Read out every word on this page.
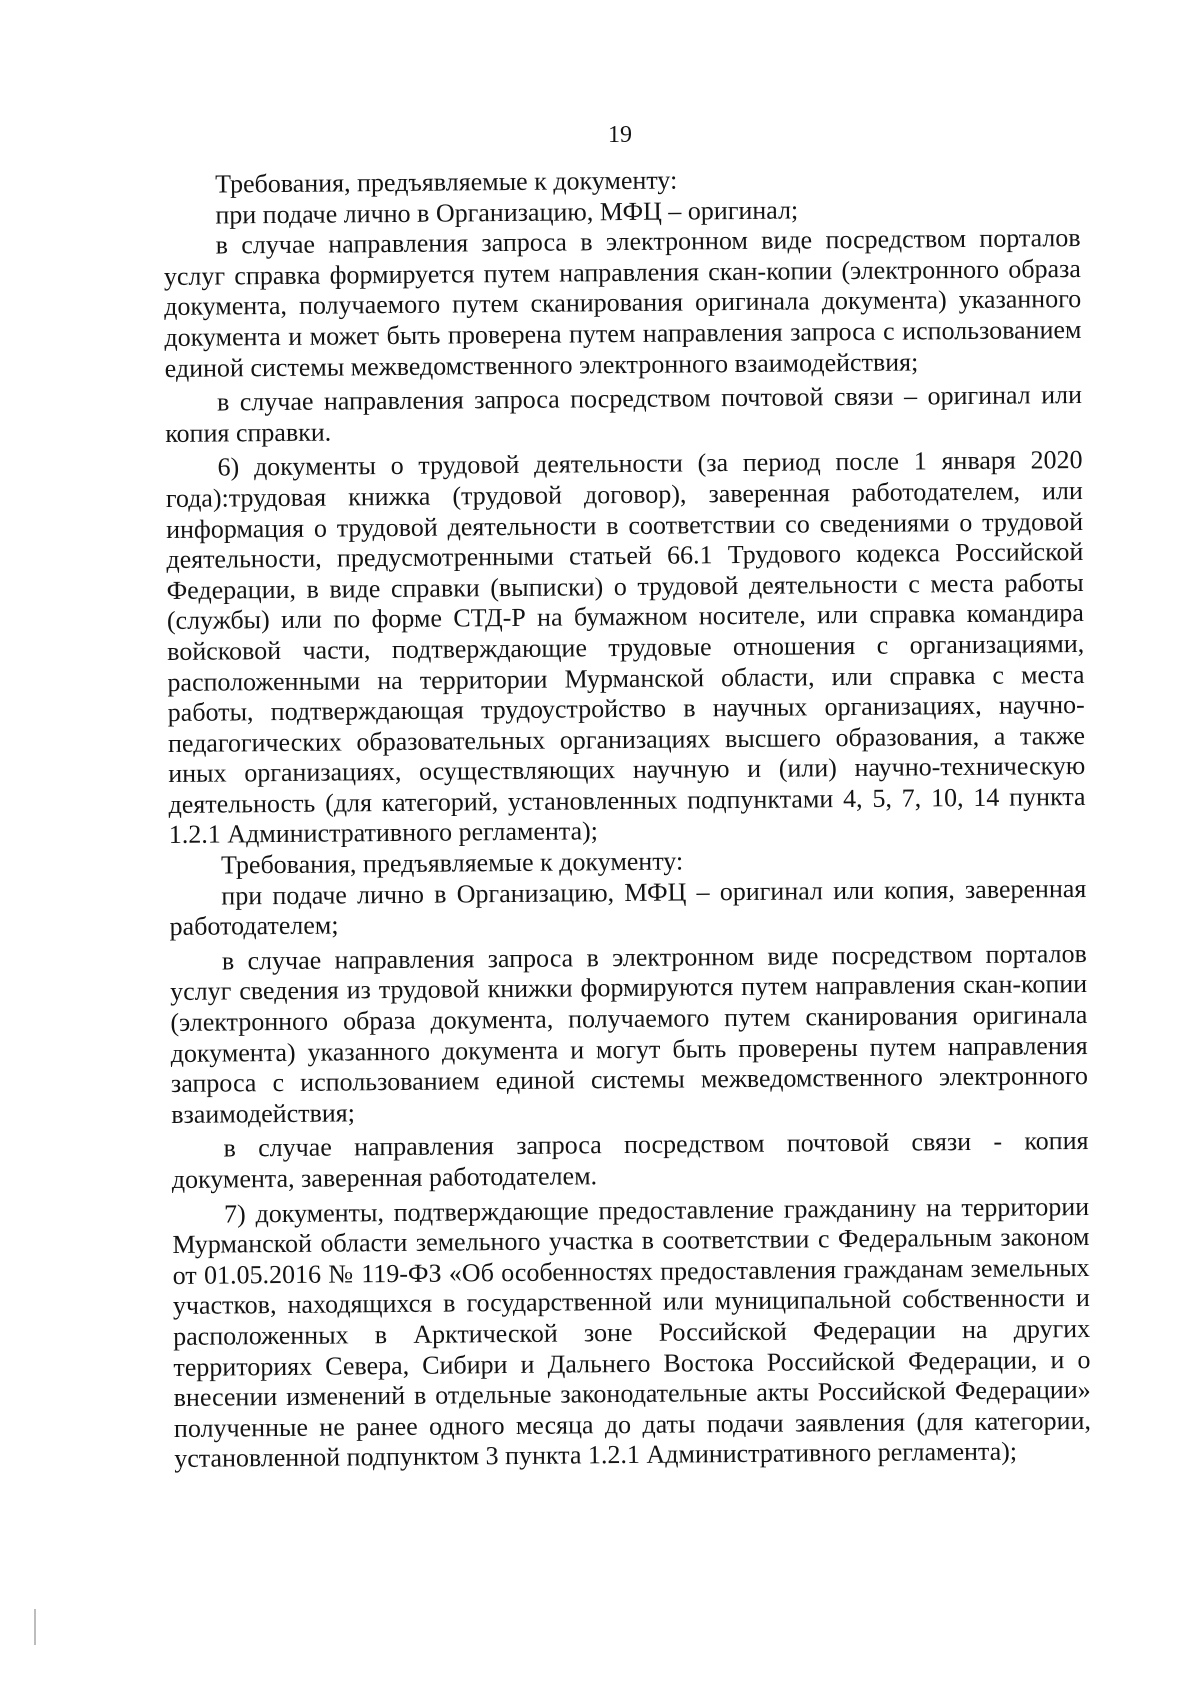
19

Требования, предъявляемые к документу:

при подаче лично в Организацию, МФЦ – оригинал;

в случае направления запроса в электронном виде посредством порталов услуг справка формируется путем направления скан-копии (электронного образа документа, получаемого путем сканирования оригинала документа) указанного документа и может быть проверена путем направления запроса с использованием единой системы межведомственного электронного взаимодействия;

в случае направления запроса посредством почтовой связи – оригинал или копия справки.

6) документы о трудовой деятельности (за период после 1 января 2020 года):трудовая книжка (трудовой договор), заверенная работодателем, или информация о трудовой деятельности в соответствии со сведениями о трудовой деятельности, предусмотренными статьей 66.1 Трудового кодекса Российской Федерации, в виде справки (выписки) о трудовой деятельности с места работы (службы) или по форме СТД-Р на бумажном носителе, или справка командира войсковой части, подтверждающие трудовые отношения с организациями, расположенными на территории Мурманской области, или справка с места работы, подтверждающая трудоустройство в научных организациях, научно-педагогических образовательных организациях высшего образования, а также иных организациях, осуществляющих научную и (или) научно-техническую деятельность (для категорий, установленных подпунктами 4, 5, 7, 10, 14 пункта 1.2.1 Административного регламента);

Требования, предъявляемые к документу:

при подаче лично в Организацию, МФЦ – оригинал или копия, заверенная работодателем;

в случае направления запроса в электронном виде посредством порталов услуг сведения из трудовой книжки формируются путем направления скан-копии (электронного образа документа, получаемого путем сканирования оригинала документа) указанного документа и могут быть проверены путем направления запроса с использованием единой системы межведомственного электронного взаимодействия;

в случае направления запроса посредством почтовой связи - копия документа, заверенная работодателем.

7) документы, подтверждающие предоставление гражданину на территории Мурманской области земельного участка в соответствии с Федеральным законом от 01.05.2016 № 119-ФЗ «Об особенностях предоставления гражданам земельных участков, находящихся в государственной или муниципальной собственности и расположенных в Арктической зоне Российской Федерации на других территориях Севера, Сибири и Дальнего Востока Российской Федерации, и о внесении изменений в отдельные законодательные акты Российской Федерации» полученные не ранее одного месяца до даты подачи заявления (для категории, установленной подпунктом 3 пункта 1.2.1 Административного регламента);
